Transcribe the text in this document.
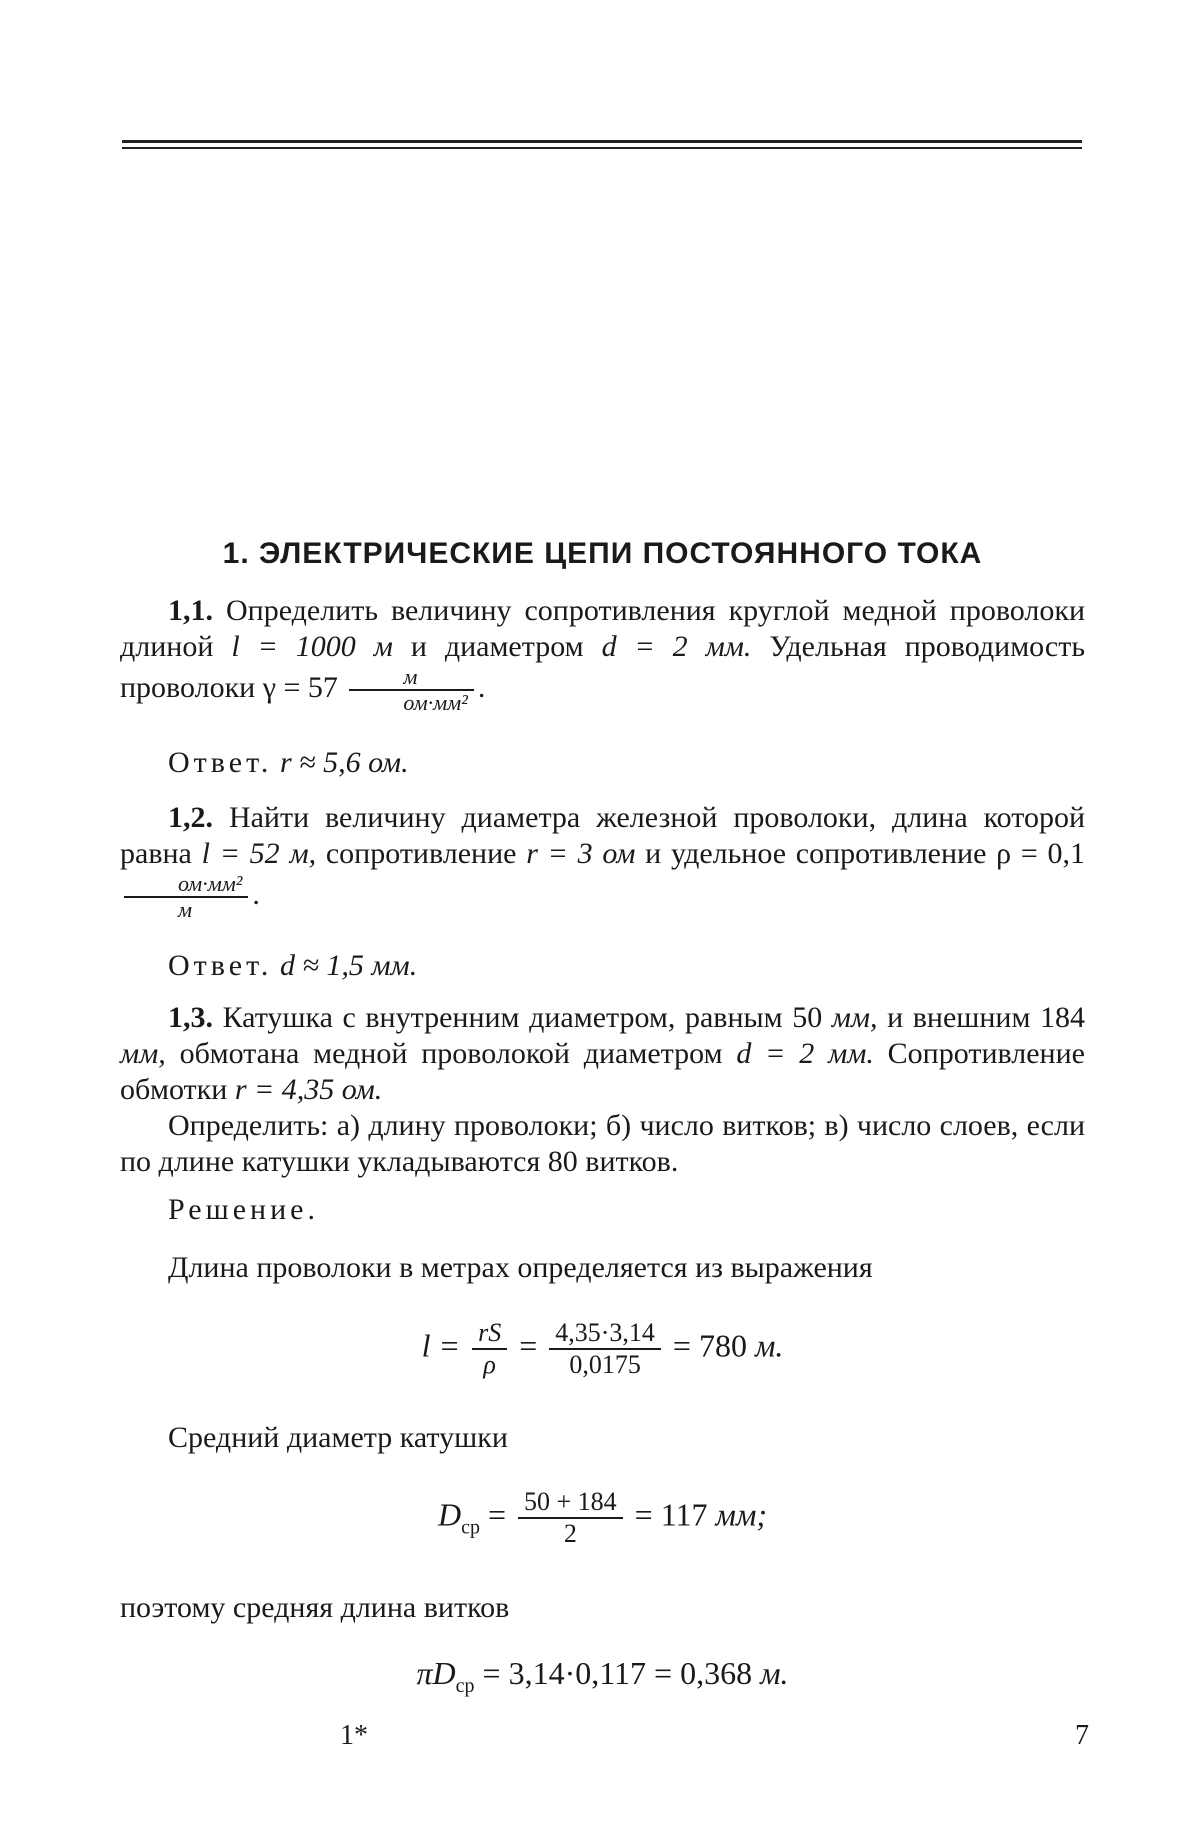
1. ЭЛЕКТРИЧЕСКИЕ ЦЕПИ ПОСТОЯННОГО ТОКА
1,1. Определить величину сопротивления круглой медной проволоки длиной l = 1000 м и диаметром d = 2 мм. Удельная проводимость проволоки $\gamma = 57 \frac{м}{\text{ом·мм²}}$ .
Ответ. r ≈ 5,6 ом.
1,2. Найти величину диаметра железной проволоки, длина которой равна l = 52 м, сопротивление r = 3 ом и удельное сопротивление ρ = 0,1
$\frac{\text{ом·мм²}}{м}$ .
Ответ. d ≈ 1,5 мм.
1,3. Катушка с внутренним диаметром, равным 50 мм, и внешним 184 мм, обмотана медной проволокой диаметром d = 2 мм. Сопротивление обмотки r = 4,35 ом.
Определить: а) длину проволоки; б) число витков; в) число слоев, если по длине катушки укладываются 80 витков.
Решение.
Длина проволоки в метрах определяется из выражения
$l = \frac{rS}{\rho} = \frac{4,35\cdot 3,14}{0,0175} = 780$ м.
Средний диаметр катушки
$D_{ср} = \frac{50 + 184}{2} = 117$ мм;
поэтому средняя длина витков
$\pi D_{ср} = 3,14\cdot 0,117 = 0,368$ м.
1*	7
